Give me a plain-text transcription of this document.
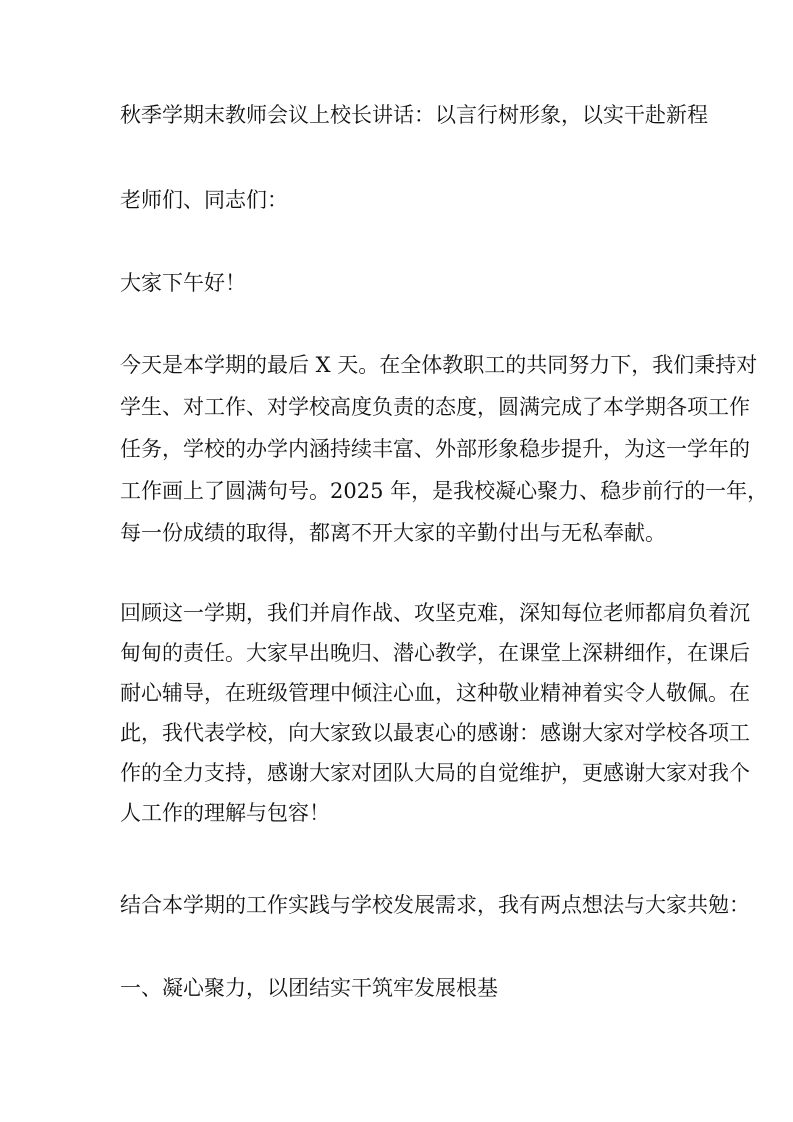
秋季学期末教师会议上校长讲话：以言行树形象，以实干赴新程
老师们、同志们：
大家下午好！
今天是本学期的最后 X 天。在全体教职工的共同努力下，我们秉持对
学生、对工作、对学校高度负责的态度，圆满完成了本学期各项工作
任务，学校的办学内涵持续丰富、外部形象稳步提升，为这一学年的
工作画上了圆满句号。2025 年，是我校凝心聚力、稳步前行的一年，
每一份成绩的取得，都离不开大家的辛勤付出与无私奉献。
回顾这一学期，我们并肩作战、攻坚克难，深知每位老师都肩负着沉
甸甸的责任。大家早出晚归、潜心教学，在课堂上深耕细作，在课后
耐心辅导，在班级管理中倾注心血，这种敬业精神着实令人敬佩。在
此，我代表学校，向大家致以最衷心的感谢：感谢大家对学校各项工
作的全力支持，感谢大家对团队大局的自觉维护，更感谢大家对我个
人工作的理解与包容！
结合本学期的工作实践与学校发展需求，我有两点想法与大家共勉：
一、凝心聚力，以团结实干筑牢发展根基
